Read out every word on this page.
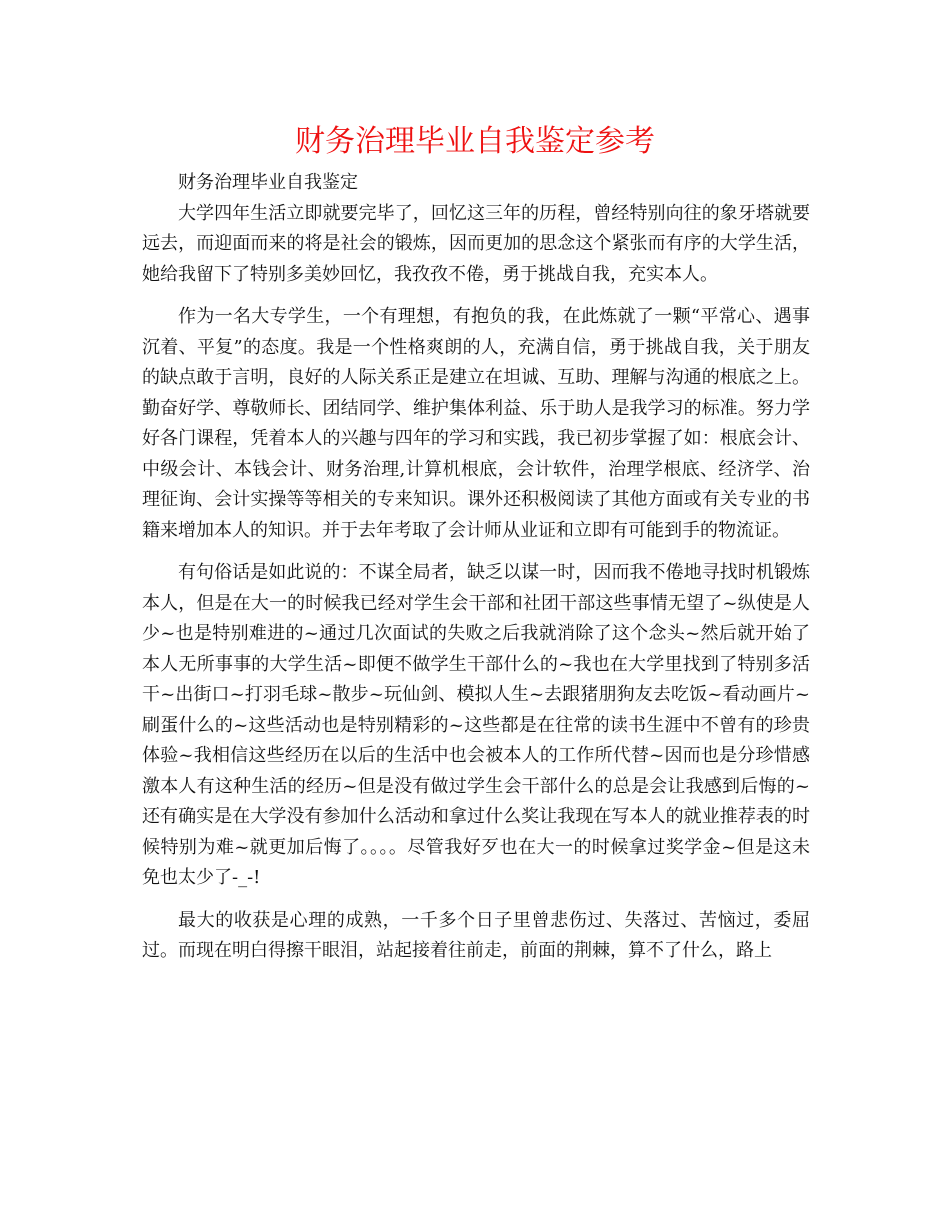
财务治理毕业自我鉴定参考

财务治理毕业自我鉴定

大学四年生活立即就要完毕了，回忆这三年的历程，曾经特别向往的象牙塔就要远去，而迎面而来的将是社会的锻炼，因而更加的思念这个紧张而有序的大学生活，她给我留下了特别多美妙回忆，我孜孜不倦，勇于挑战自我，充实本人。

作为一名大专学生，一个有理想，有抱负的我，在此炼就了一颗“平常心、遇事沉着、平复”的态度。我是一个性格爽朗的人，充满自信，勇于挑战自我，关于朋友的缺点敢于言明，良好的人际关系正是建立在坦诚、互助、理解与沟通的根底之上。勤奋好学、尊敬师长、团结同学、维护集体利益、乐于助人是我学习的标准。努力学好各门课程，凭着本人的兴趣与四年的学习和实践，我已初步掌握了如：根底会计、中级会计、本钱会计、财务治理,计算机根底，会计软件，治理学根底、经济学、治理征询、会计实操等等相关的专来知识。课外还积极阅读了其他方面或有关专业的书籍来增加本人的知识。并于去年考取了会计师从业证和立即有可能到手的物流证。

有句俗话是如此说的：不谋全局者，缺乏以谋一时，因而我不倦地寻找时机锻炼本人，但是在大一的时候我已经对学生会干部和社团干部这些事情无望了~纵使是人少~也是特别难进的~通过几次面试的失败之后我就消除了这个念头~然后就开始了本人无所事事的大学生活~即便不做学生干部什么的~我也在大学里找到了特别多活干~出街口~打羽毛球~散步~玩仙剑、模拟人生~去跟猪朋狗友去吃饭~看动画片~刷蛋什么的~这些活动也是特别精彩的~这些都是在往常的读书生涯中不曾有的珍贵体验~我相信这些经历在以后的生活中也会被本人的工作所代替~因而也是分珍惜感激本人有这种生活的经历~但是没有做过学生会干部什么的总是会让我感到后悔的~还有确实是在大学没有参加什么活动和拿过什么奖让我现在写本人的就业推荐表的时候特别为难~就更加后悔了。。。。尽管我好歹也在大一的时候拿过奖学金~但是这未免也太少了-_-!

最大的收获是心理的成熟，一千多个日子里曾悲伤过、失落过、苦恼过，委屈过。而现在明白得擦干眼泪，站起接着往前走，前面的荆棘，算不了什么，路上
